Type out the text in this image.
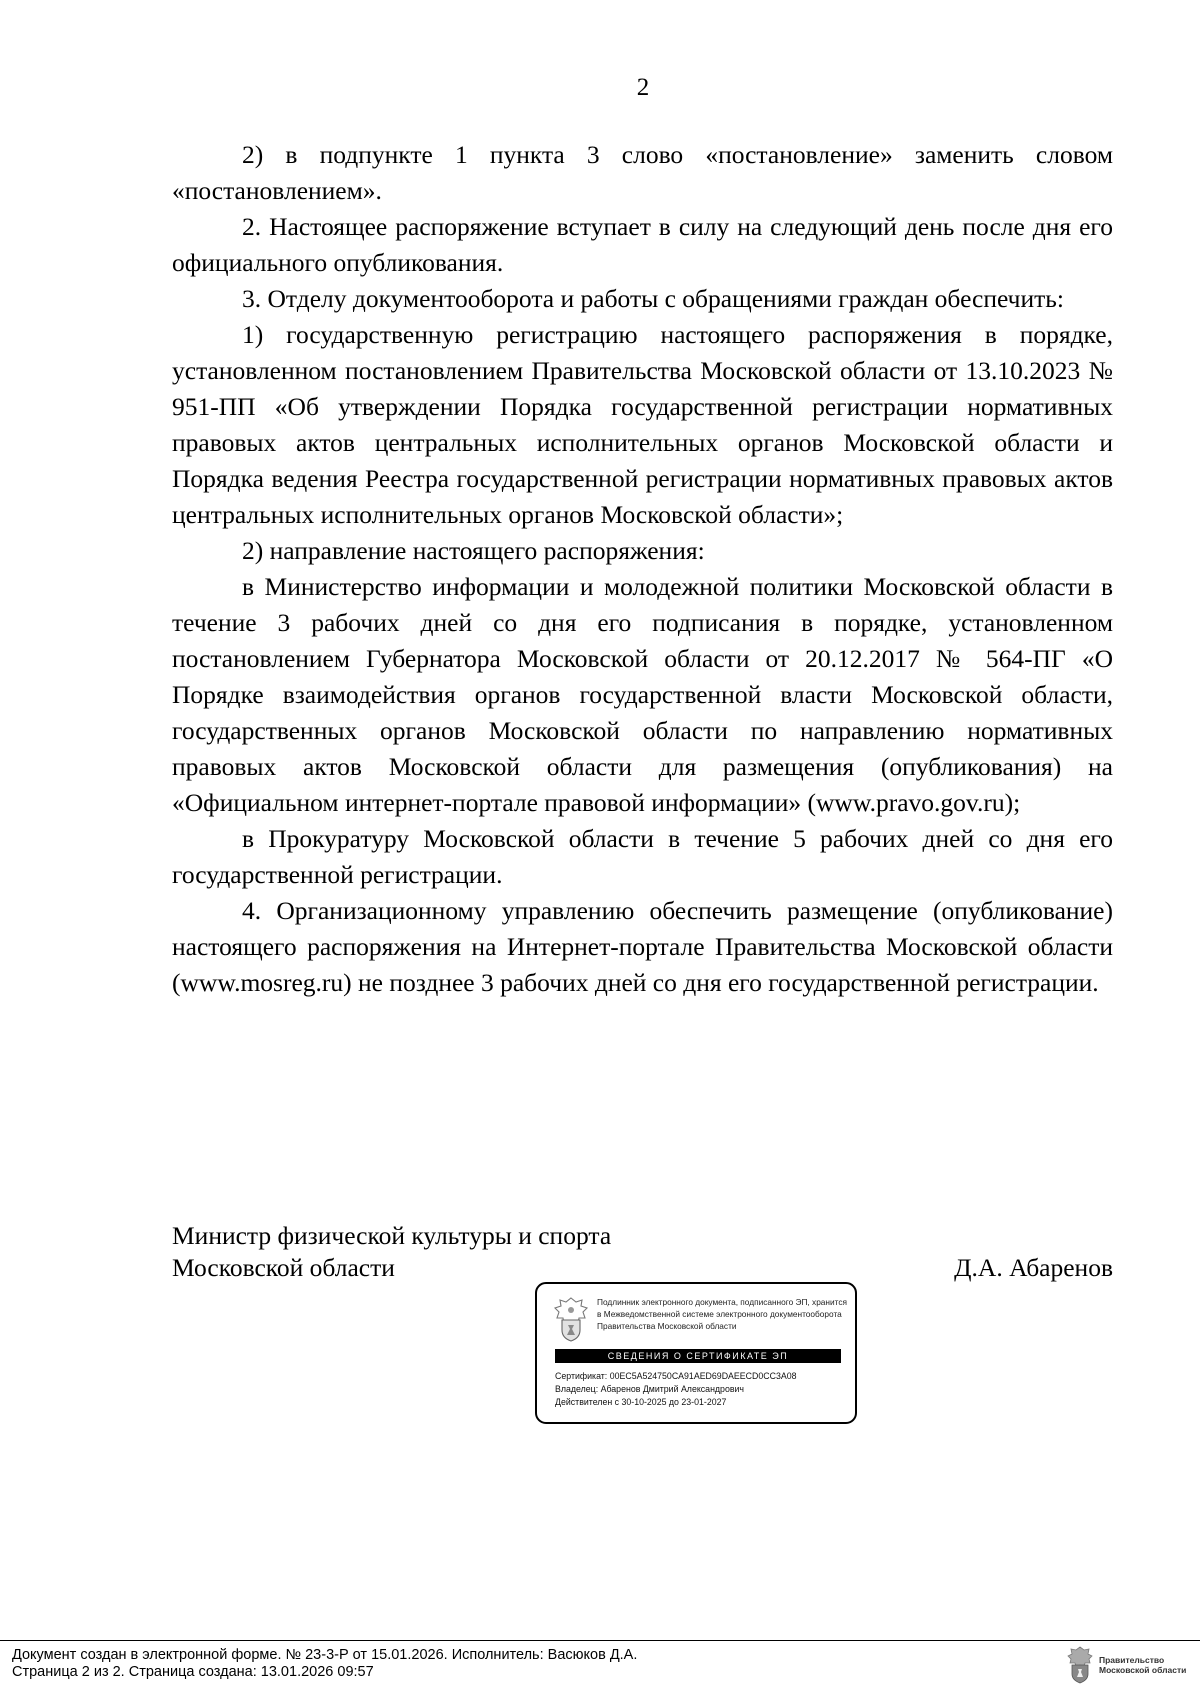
2

2) в подпункте 1 пункта 3 слово «постановление» заменить словом «постановлением».

2. Настоящее распоряжение вступает в силу на следующий день после дня его официального опубликования.

3. Отделу документооборота и работы с обращениями граждан обеспечить:

1) государственную регистрацию настоящего распоряжения в порядке, установленном постановлением Правительства Московской области от 13.10.2023 № 951-ПП «Об утверждении Порядка государственной регистрации нормативных правовых актов центральных исполнительных органов Московской области и Порядка ведения Реестра государственной регистрации нормативных правовых актов центральных исполнительных органов Московской области»;

2) направление настоящего распоряжения:

в Министерство информации и молодежной политики Московской области в течение 3 рабочих дней со дня его подписания в порядке, установленном постановлением Губернатора Московской области от 20.12.2017 № 564-ПГ «О Порядке взаимодействия органов государственной власти Московской области, государственных органов Московской области по направлению нормативных правовых актов Московской области для размещения (опубликования) на «Официальном интернет-портале правовой информации» (www.pravo.gov.ru);

в Прокуратуру Московской области в течение 5 рабочих дней со дня его государственной регистрации.

4. Организационному управлению обеспечить размещение (опубликование) настоящего распоряжения на Интернет-портале Правительства Московской области (www.mosreg.ru) не позднее 3 рабочих дней со дня его государственной регистрации.

Министр физической культуры и спорта
Московской области	Д.А. Абаренов
Подлинник электронного документа, подписанного ЭП, хранится в Межведомственной системе электронного документооборота Правительства Московской области
СВЕДЕНИЯ О СЕРТИФИКАТЕ ЭП
Сертификат: 00EC5A524750CA91AED69DAEECD0CC3A08
Владелец: Абаренов Дмитрий Александрович
Действителен с 30-10-2025 до 23-01-2027
Документ создан в электронной форме. № 23-3-Р от 15.01.2026. Исполнитель: Васюков Д.А.
Страница 2 из 2. Страница создана: 13.01.2026 09:57
Правительство
Московской области
